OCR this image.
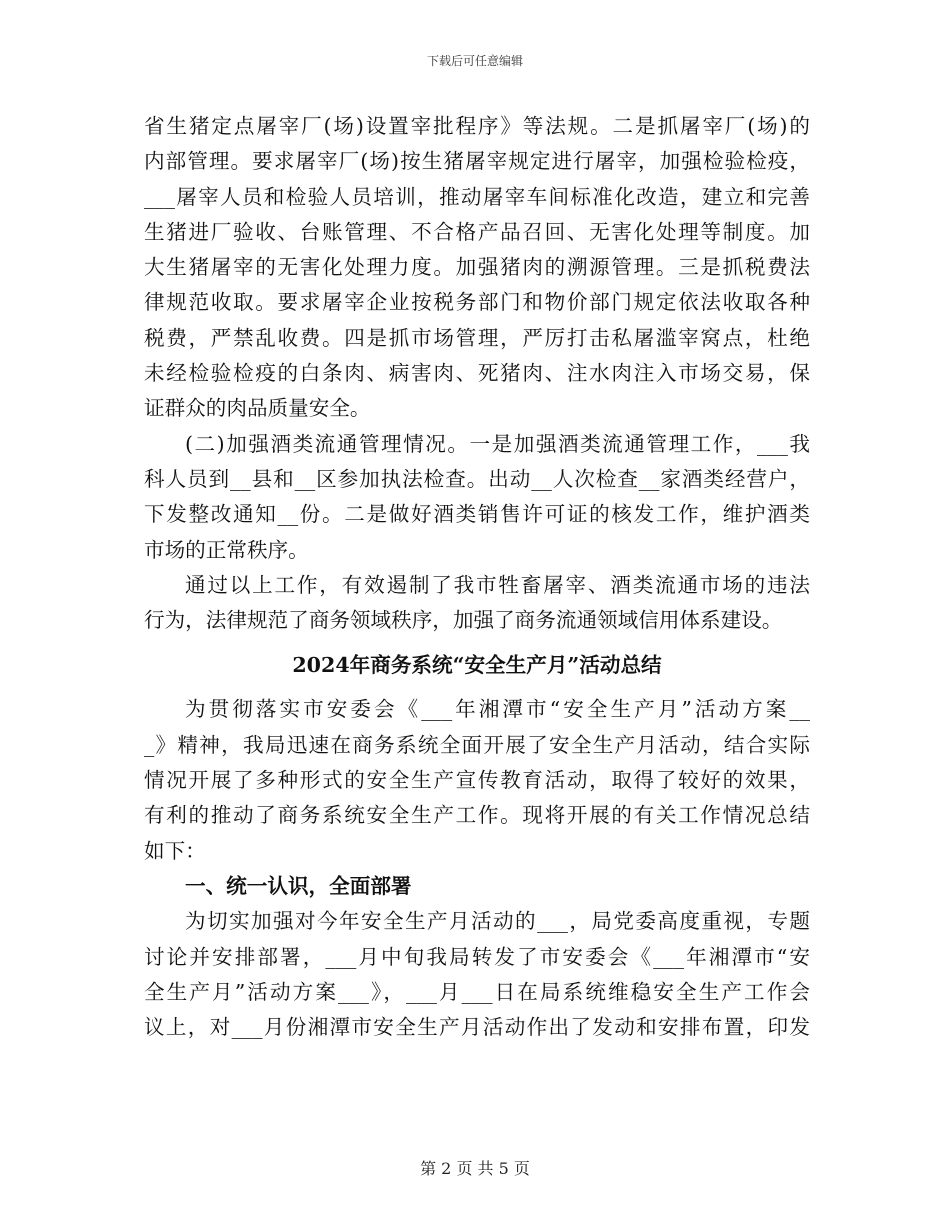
下载后可任意编辑
省生猪定点屠宰厂(场)设置宰批程序》等法规。二是抓屠宰厂(场)的
内部管理。要求屠宰厂(场)按生猪屠宰规定进行屠宰，加强检验检疫，
___屠宰人员和检验人员培训，推动屠宰车间标准化改造，建立和完善
生猪进厂验收、台账管理、不合格产品召回、无害化处理等制度。加
大生猪屠宰的无害化处理力度。加强猪肉的溯源管理。三是抓税费法
律规范收取。要求屠宰企业按税务部门和物价部门规定依法收取各种
税费，严禁乱收费。四是抓市场管理，严厉打击私屠滥宰窝点，杜绝
未经检验检疫的白条肉、病害肉、死猪肉、注水肉注入市场交易，保
证群众的肉品质量安全。
(二)加强酒类流通管理情况。一是加强酒类流通管理工作，___我
科人员到__县和__区参加执法检查。出动__人次检查__家酒类经营户，
下发整改通知__份。二是做好酒类销售许可证的核发工作，维护酒类
市场的正常秩序。
通过以上工作，有效遏制了我市牲畜屠宰、酒类流通市场的违法
行为，法律规范了商务领域秩序，加强了商务流通领域信用体系建设。
2024年商务系统“安全生产月”活动总结
为贯彻落实市安委会《___年湘潭市“安全生产月”活动方案__
_》精神，我局迅速在商务系统全面开展了安全生产月活动，结合实际
情况开展了多种形式的安全生产宣传教育活动，取得了较好的效果，
有利的推动了商务系统安全生产工作。现将开展的有关工作情况总结
如下：
一、统一认识，全面部署
为切实加强对今年安全生产月活动的___，局党委高度重视，专题
讨论并安排部署，___月中旬我局转发了市安委会《___年湘潭市“安
全生产月”活动方案___》，___月___日在局系统维稳安全生产工作会
议上，对___月份湘潭市安全生产月活动作出了发动和安排布置，印发
第 2 页 共 5 页
